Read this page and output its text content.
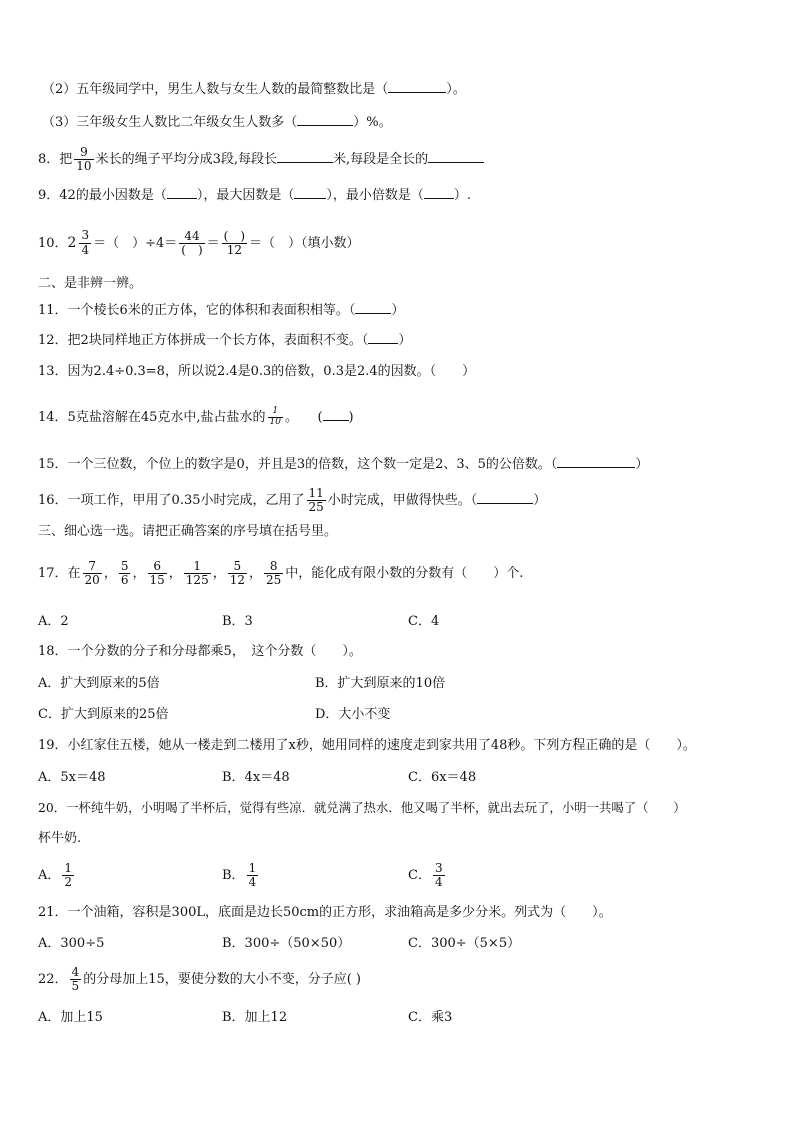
（2）五年级同学中，男生人数与女生人数的最简整数比是（	）。
（3）三年级女生人数比二年级女生人数多（	）%。
8．把 $\frac{9}{10}$ 米长的绳子平均分成3段,每段长	米,每段是全长的
9．42的最小因数是（ ），最大因数是（ ），最小倍数是（ ）.
10． $2 \frac{3}{4}$ ＝（　）$\div 4= \frac{44}{( )} = \frac{( )}{12}$ ＝（　）（填小数）
二、是非辨一辨。
11．一个棱长6米的正方体，它的体积和表面积相等。（	）
12．把2块同样地正方体拼成一个长方体，表面积不变。（ ）
13．因为2.4÷0.3=8，所以说2.4是0.3的倍数，0.3是2.4的因数。（　　）
14．5克盐溶解在45克水中,盐占盐水的 $\frac{1}{10}$ 。　　( )
15．一个三位数，个位上的数字是0，并且是3的倍数，这个数一定是2、3、5的公倍数。（	）
16．一项工作，甲用了0.35小时完成，乙用了 $\frac{11}{25}$ 小时完成，甲做得快些。（	）
三、细心选一选。请把正确答案的序号填在括号里。
17．在 $\frac{7}{20}$ ， $\frac{5}{6}$ ， $\frac{6}{15}$ ， $\frac{1}{125}$ ， $\frac{5}{12}$ ， $\frac{8}{25}$ 中，能化成有限小数的分数有（　　）个.
A．2	B．3	C．4
18．一个分数的分子和分母都乘5，　这个分数（　　）。
A．扩大到原来的5倍	B．扩大到原来的10倍
C．扩大到原来的25倍	D．大小不变
19．小红家住五楼，她从一楼走到二楼用了x秒，她用同样的速度走到家共用了48秒。下列方程正确的是（　　）。
A．5x＝48	B．4x＝48	C．6x＝48
20．一杯纯牛奶，小明喝了半杯后，觉得有些凉．就兑满了热水．他又喝了半杯，就出去玩了，小明一共喝了（　　）
杯牛奶.
A． $\frac{1}{2}$	B． $\frac{1}{4}$	C． $\frac{3}{4}$
21．一个油箱，容积是300L，底面是边长50cm的正方形，求油箱高是多少分米。列式为（　　）。
A．300÷5	B．300÷（50×50）	C．300÷（5×5）
22． $\frac{4}{5}$ 的分母加上15，要使分数的大小不变，分子应( )
A．加上15	B．加上12	C．乘3
